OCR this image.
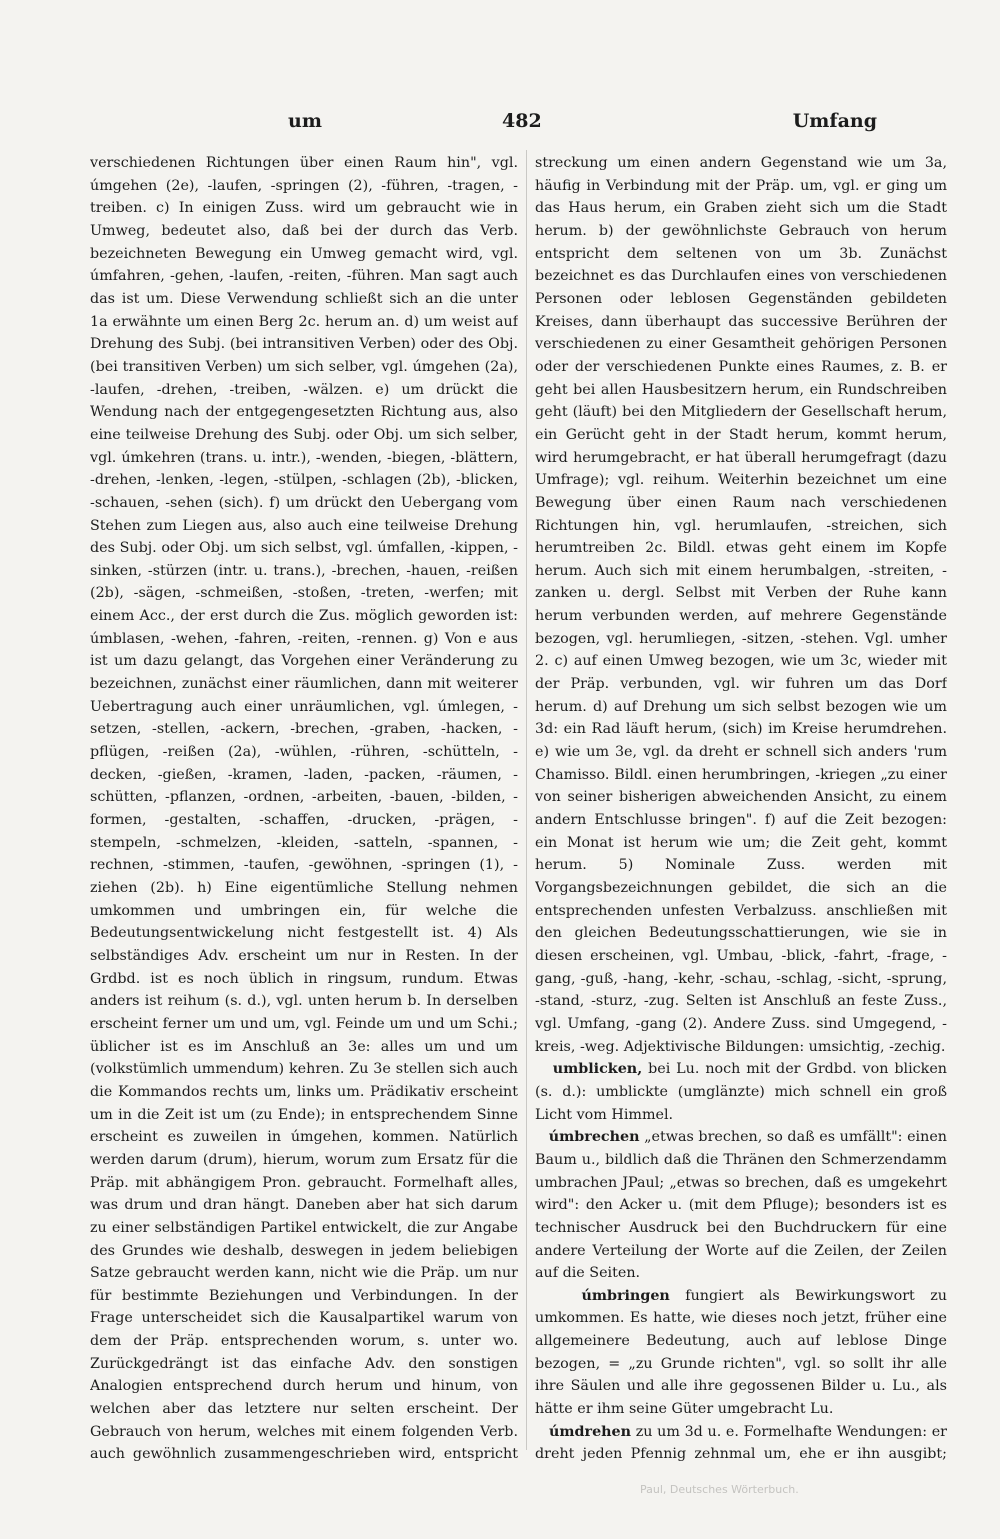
um	482	Umfang

verschiedenen Richtungen über einen Raum hin", vgl. úmgehen (2e), -laufen, -springen (2), -führen, -tragen, -treiben. c) In einigen Zuss. wird um gebraucht wie in Umweg, bedeutet also, daß bei der durch das Verb. bezeichneten Bewegung ein Umweg gemacht wird, vgl. úmfahren, -gehen, -laufen, -reiten, -führen. Man sagt auch das ist um. Diese Verwendung schließt sich an die unter 1a erwähnte um einen Berg 2c. herum an. d) um weist auf Drehung des Subj. (bei intransitiven Verben) oder des Obj. (bei transitiven Verben) um sich selber, vgl. úmgehen (2a), -laufen, -drehen, -treiben, -wälzen. e) um drückt die Wendung nach der entgegengesetzten Richtung aus, also eine teilweise Drehung des Subj. oder Obj. um sich selber, vgl. úmkehren (trans. u. intr.), -wenden, -biegen, -blättern, -drehen, -lenken, -legen, -stülpen, -schlagen (2b), -blicken, -schauen, -sehen (sich). f) um drückt den Uebergang vom Stehen zum Liegen aus, also auch eine teilweise Drehung des Subj. oder Obj. um sich selbst, vgl. úmfallen, -kippen, -sinken, -stürzen (intr. u. trans.), -brechen, -hauen, -reißen (2b), -sägen, -schmeißen, -stoßen, -treten, -werfen; mit einem Acc., der erst durch die Zus. möglich geworden ist: úmblasen, -wehen, -fahren, -reiten, -rennen. g) Von e aus ist um dazu gelangt, das Vorgehen einer Veränderung zu bezeichnen, zunächst einer räumlichen, dann mit weiterer Uebertragung auch einer unräumlichen, vgl. úmlegen, -setzen, -stellen, -ackern, -brechen, -graben, -hacken, -pflügen, -reißen (2a), -wühlen, -rühren, -schütteln, -decken, -gießen, -kramen, -laden, -packen, -räumen, -schütten, -pflanzen, -ordnen, -arbeiten, -bauen, -bilden, -formen, -gestalten, -schaffen, -drucken, -prägen, -stempeln, -schmelzen, -kleiden, -satteln, -spannen, -rechnen, -stimmen, -taufen, -gewöhnen, -springen (1), -ziehen (2b). h) Eine eigentümliche Stellung nehmen umkommen und umbringen ein, für welche die Bedeutungsentwickelung nicht festgestellt ist. 4) Als selbständiges Adv. erscheint um nur in Resten. In der Grdbd. ist es noch üblich in ringsum, rundum. Etwas anders ist reihum (s. d.), vgl. unten herum b. In derselben erscheint ferner um und um, vgl. Feinde um und um Schi.; üblicher ist es im Anschluß an 3e: alles um und um (volkstümlich ummendum) kehren. Zu 3e stellen sich auch die Kommandos rechts um, links um. Prädikativ erscheint um in die Zeit ist um (zu Ende); in entsprechendem Sinne erscheint es zuweilen in úmgehen, kommen. Natürlich werden darum (drum), hierum, worum zum Ersatz für die Präp. mit abhängigem Pron. gebraucht. Formelhaft alles, was drum und dran hängt. Daneben aber hat sich darum zu einer selbständigen Partikel entwickelt, die zur Angabe des Grundes wie deshalb, deswegen in jedem beliebigen Satze gebraucht werden kann, nicht wie die Präp. um nur für bestimmte Beziehungen und Verbindungen. In der Frage unterscheidet sich die Kausalpartikel warum von dem der Präp. entsprechenden worum, s. unter wo. Zurückgedrängt ist das einfache Adv. den sonstigen Analogien entsprechend durch herum und hinum, von welchen aber das letztere nur selten erscheint. Der Gebrauch von herum, welches mit einem folgenden Verb. auch gewöhnlich zusammengeschrieben wird, entspricht

streckung um einen andern Gegenstand wie um 3a, häufig in Verbindung mit der Präp. um, vgl. er ging um das Haus herum, ein Graben zieht sich um die Stadt herum. b) der gewöhnlichste Gebrauch von herum entspricht dem seltenen von um 3b. Zunächst bezeichnet es das Durchlaufen eines von verschiedenen Personen oder leblosen Gegenständen gebildeten Kreises, dann überhaupt das successive Berühren der verschiedenen zu einer Gesamtheit gehörigen Personen oder der verschiedenen Punkte eines Raumes, z. B. er geht bei allen Hausbesitzern herum, ein Rundschreiben geht (läuft) bei den Mitgliedern der Gesellschaft herum, ein Gerücht geht in der Stadt herum, kommt herum, wird herumgebracht, er hat überall herumgefragt (dazu Umfrage); vgl. reihum. Weiterhin bezeichnet um eine Bewegung über einen Raum nach verschiedenen Richtungen hin, vgl. herumlaufen, -streichen, sich herumtreiben 2c. Bildl. etwas geht einem im Kopfe herum. Auch sich mit einem herumbalgen, -streiten, -zanken u. dergl. Selbst mit Verben der Ruhe kann herum verbunden werden, auf mehrere Gegenstände bezogen, vgl. herumliegen, -sitzen, -stehen. Vgl. umher 2. c) auf einen Umweg bezogen, wie um 3c, wieder mit der Präp. verbunden, vgl. wir fuhren um das Dorf herum. d) auf Drehung um sich selbst bezogen wie um 3d: ein Rad läuft herum, (sich) im Kreise herumdrehen. e) wie um 3e, vgl. da dreht er schnell sich anders 'rum Chamisso. Bildl. einen herumbringen, -kriegen „zu einer von seiner bisherigen abweichenden Ansicht, zu einem andern Entschlusse bringen". f) auf die Zeit bezogen: ein Monat ist herum wie um; die Zeit geht, kommt herum. 5) Nominale Zuss. werden mit Vorgangsbezeichnungen gebildet, die sich an die entsprechenden unfesten Verbalzuss. anschließen mit den gleichen Bedeutungsschattierungen, wie sie in diesen erscheinen, vgl. Umbau, -blick, -fahrt, -frage, -gang, -guß, -hang, -kehr, -schau, -schlag, -sicht, -sprung, -stand, -sturz, -zug. Selten ist Anschluß an feste Zuss., vgl. Umfang, -gang (2). Andere Zuss. sind Umgegend, -kreis, -weg. Adjektivische Bildungen: umsichtig, -zechig.

umblicken, bei Lu. noch mit der Grdbd. von blicken (s. d.): umblickte (umglänzte) mich schnell ein groß Licht vom Himmel.

úmbrechen „etwas brechen, so daß es umfällt": einen Baum u., bildlich daß die Thränen den Schmerzendamm umbrachen JPaul; „etwas so brechen, daß es umgekehrt wird": den Acker u. (mit dem Pfluge); besonders ist es technischer Ausdruck bei den Buchdruckern für eine andere Verteilung der Worte auf die Zeilen, der Zeilen auf die Seiten.

úmbringen fungiert als Bewirkungswort zu umkommen. Es hatte, wie dieses noch jetzt, früher eine allgemeinere Bedeutung, auch auf leblose Dinge bezogen, = „zu Grunde richten", vgl. so sollt ihr alle ihre Säulen und alle ihre gegossenen Bilder u. Lu., als hätte er ihm seine Güter umgebracht Lu.

úmdrehen zu um 3d u. e. Formelhafte Wendungen: er dreht jeden Pfennig zehnmal um, ehe er ihn ausgibt;

Paul, Deutsches Wörterbuch.
